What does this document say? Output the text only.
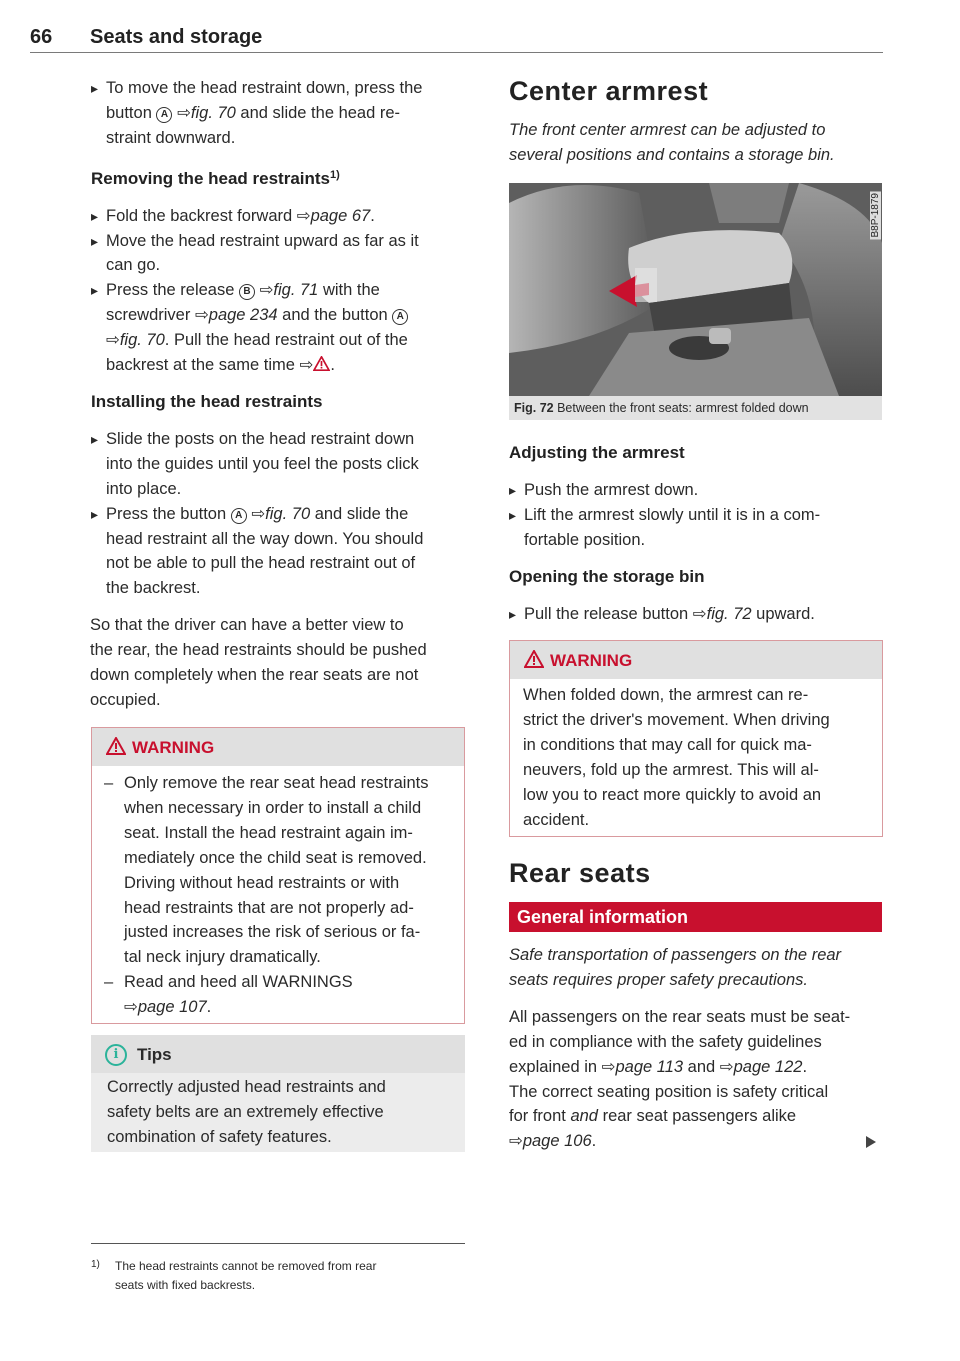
66 Seats and storage

▸ To move the head restraint down, press the
button A ⇨fig. 70 and slide the head re-
straint downward.

Removing the head restraints$^{1)}$

▸ Fold the backrest forward ⇨page 67.

▸ Move the head restraint upward as far as it
can go.

▸ Press the release B ⇨fig. 71 with the
screwdriver ⇨page 234 and the button A
⇨fig. 70. Pull the head restraint out of the
backrest at the same time ⇨ .

Installing the head restraints

▸ Slide the posts on the head restraint down
into the guides until you feel the posts click
into place.

▸ Press the button A ⇨fig. 70 and slide the
head restraint all the way down. You should
not be able to pull the head restraint out of
the backrest.

So that the driver can have a better view to
the rear, the head restraints should be pushed
down completely when the rear seats are not
occupied.

WARNING

– Only remove the rear seat head restraints
when necessary in order to install a child
seat. Install the head restraint again im-
mediately once the child seat is removed.
Driving without head restraints or with
head restraints that are not properly ad-
justed increases the risk of serious or fa-
tal neck injury dramatically.

– Read and heed all WARNINGS
⇨page 107.

i	Tips

Correctly adjusted head restraints and
safety belts are an extremely effective
combination of safety features.

1)	The head restraints cannot be removed from rear
seats with fixed backrests.

Center armrest

The front center armrest can be adjusted to
several positions and contains a storage bin.

B8P-1879
Fig. 72 Between the front seats: armrest folded down

Adjusting the armrest

▸ Push the armrest down.

▸ Lift the armrest slowly until it is in a com-
fortable position.

Opening the storage bin

▸ Pull the release button ⇨fig. 72 upward.

WARNING

When folded down, the armrest can re-
strict the driver's movement. When driving
in conditions that may call for quick ma-
neuvers, fold up the armrest. This will al-
low you to react more quickly to avoid an
accident.

Rear seats

General information

Safe transportation of passengers on the rear
seats requires proper safety precautions.

All passengers on the rear seats must be seat-
ed in compliance with the safety guidelines
explained in ⇨page 113 and ⇨page 122.
The correct seating position is safety critical
for front and rear seat passengers alike
⇨page 106.
